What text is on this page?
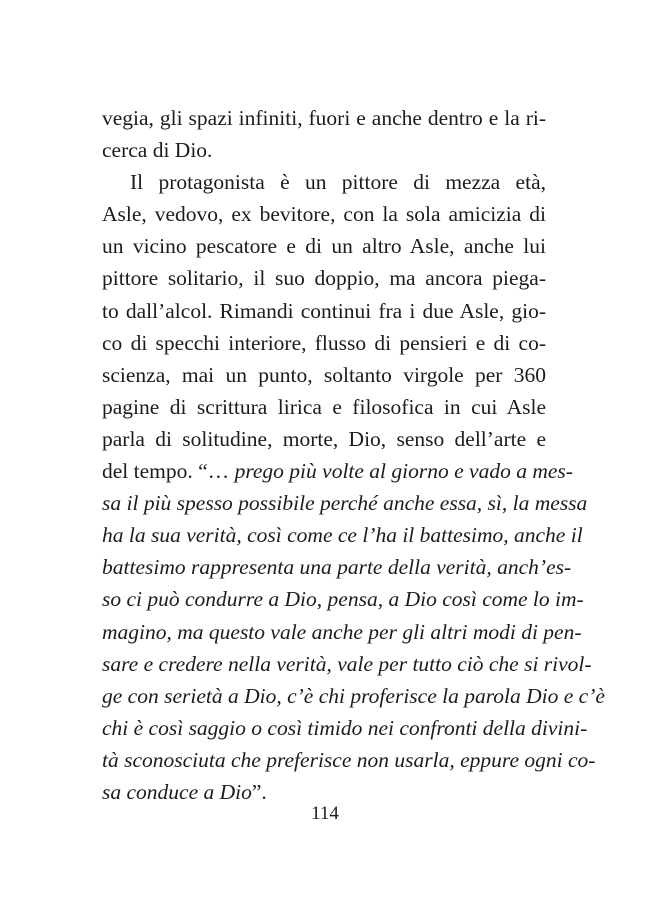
vegia, gli spazi infiniti, fuori e anche dentro e la ri-
cerca di Dio.
Il protagonista è un pittore di mezza età,
Asle, vedovo, ex bevitore, con la sola amicizia di
un vicino pescatore e di un altro Asle, anche lui
pittore solitario, il suo doppio, ma ancora piega-
to dall’alcol. Rimandi continui fra i due Asle, gio-
co di specchi interiore, flusso di pensieri e di co-
scienza, mai un punto, soltanto virgole per 360
pagine di scrittura lirica e filosofica in cui Asle
parla di solitudine, morte, Dio, senso dell’arte e
del tempo. “… prego più volte al giorno e vado a mes-
sa il più spesso possibile perché anche essa, sì, la messa
ha la sua verità, così come ce l’ha il battesimo, anche il
battesimo rappresenta una parte della verità, anch’es-
so ci può condurre a Dio, pensa, a Dio così come lo im-
magino, ma questo vale anche per gli altri modi di pen-
sare e credere nella verità, vale per tutto ciò che si rivol-
ge con serietà a Dio, c’è chi proferisce la parola Dio e c’è
chi è così saggio o così timido nei confronti della divini-
tà sconosciuta che preferisce non usarla, eppure ogni co-
sa conduce a Dio”.
114
